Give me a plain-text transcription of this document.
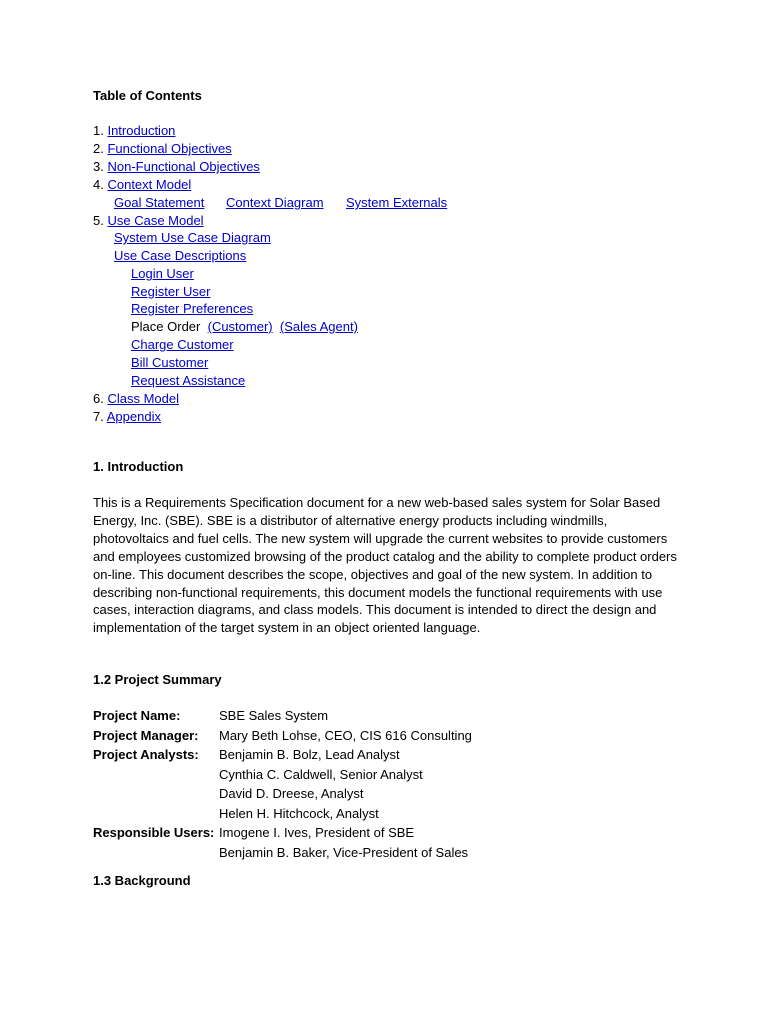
Table of Contents
1. Introduction
2. Functional Objectives
3. Non-Functional Objectives
4. Context Model
Goal Statement Context Diagram System Externals
5. Use Case Model
System Use Case Diagram
Use Case Descriptions
Login User
Register User
Register Preferences
Place Order (Customer) (Sales Agent)
Charge Customer
Bill Customer
Request Assistance
6. Class Model
7. Appendix
1. Introduction
This is a Requirements Specification document for a new web-based sales system for Solar Based Energy, Inc. (SBE). SBE is a distributor of alternative energy products including windmills, photovoltaics and fuel cells. The new system will upgrade the current websites to provide customers and employees customized browsing of the product catalog and the ability to complete product orders on-line. This document describes the scope, objectives and goal of the new system. In addition to describing non-functional requirements, this document models the functional requirements with use cases, interaction diagrams, and class models. This document is intended to direct the design and implementation of the target system in an object oriented language.
1.2 Project Summary
Project Name:	SBE Sales System
Project Manager:	Mary Beth Lohse, CEO, CIS 616 Consulting
Project Analysts:	Benjamin B. Bolz, Lead Analyst
Cynthia C. Caldwell, Senior Analyst
David D. Dreese, Analyst
Helen H. Hitchcock, Analyst

Responsible Users:	Imogene I. Ives, President of SBE
Benjamin B. Baker, Vice-President of Sales
1.3 Background
